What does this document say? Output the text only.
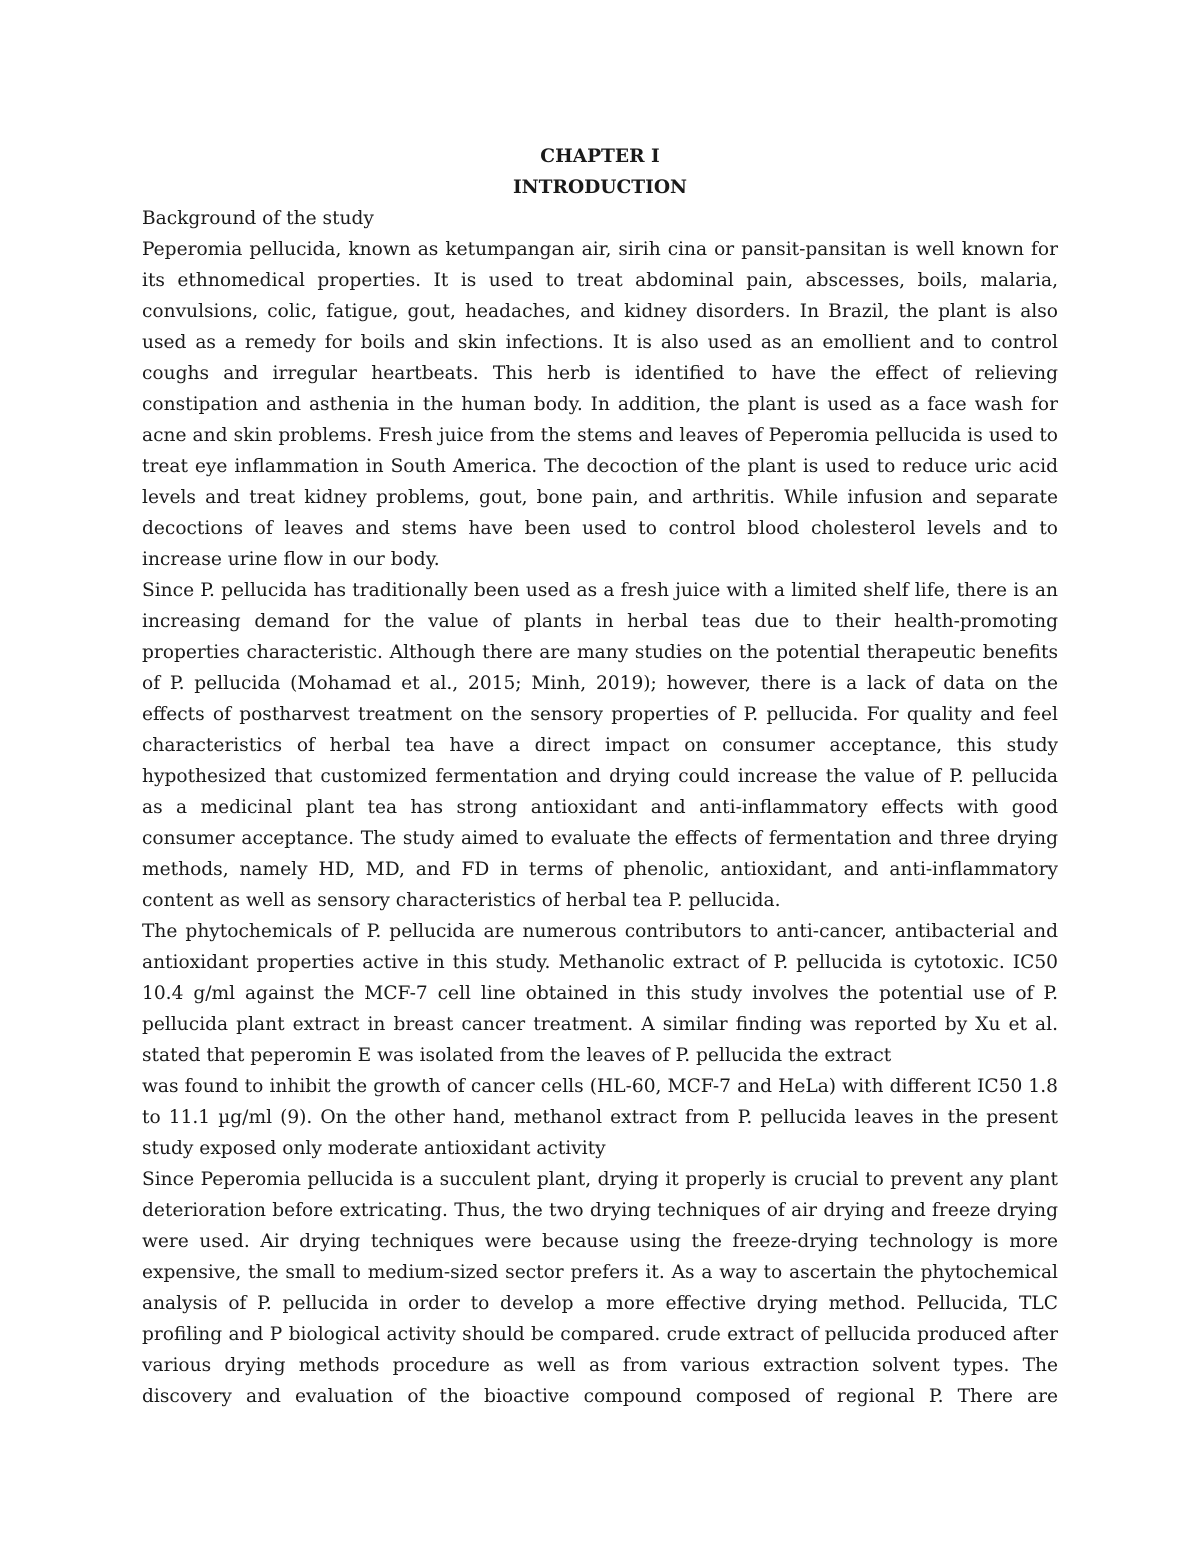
CHAPTER I

INTRODUCTION

Background of the study

Peperomia pellucida, known as ketumpangan air, sirih cina or pansit-pansitan is well known for its ethnomedical properties. It is used to treat abdominal pain, abscesses, boils, malaria, convulsions, colic, fatigue, gout, headaches, and kidney disorders. In Brazil, the plant is also used as a remedy for boils and skin infections. It is also used as an emollient and to control coughs and irregular heartbeats. This herb is identified to have the effect of relieving constipation and asthenia in the human body. In addition, the plant is used as a face wash for acne and skin problems. Fresh juice from the stems and leaves of Peperomia pellucida is used to treat eye inflammation in South America. The decoction of the plant is used to reduce uric acid levels and treat kidney problems, gout, bone pain, and arthritis. While infusion and separate decoctions of leaves and stems have been used to control blood cholesterol levels and to increase urine flow in our body.

Since P. pellucida has traditionally been used as a fresh juice with a limited shelf life, there is an increasing demand for the value of plants in herbal teas due to their health-promoting properties characteristic. Although there are many studies on the potential therapeutic benefits of P. pellucida (Mohamad et al., 2015; Minh, 2019); however, there is a lack of data on the effects of postharvest treatment on the sensory properties of P. pellucida. For quality and feel characteristics of herbal tea have a direct impact on consumer acceptance, this study hypothesized that customized fermentation and drying could increase the value of P. pellucida as a medicinal plant tea has strong antioxidant and anti-inflammatory effects with good consumer acceptance. The study aimed to evaluate the effects of fermentation and three drying methods, namely HD, MD, and FD in terms of phenolic, antioxidant, and anti-inflammatory content as well as sensory characteristics of herbal tea P. pellucida.

The phytochemicals of P. pellucida are numerous contributors to anti-cancer, antibacterial and antioxidant properties active in this study. Methanolic extract of P. pellucida is cytotoxic. IC50 10.4 g/ml against the MCF-7 cell line obtained in this study involves the potential use of P. pellucida plant extract in breast cancer treatment. A similar finding was reported by Xu et al. stated that peperomin E was isolated from the leaves of P. pellucida the extract

was found to inhibit the growth of cancer cells (HL-60, MCF-7 and HeLa) with different IC50 1.8 to 11.1 µg/ml (9). On the other hand, methanol extract from P. pellucida leaves in the present study exposed only moderate antioxidant activity

Since Peperomia pellucida is a succulent plant, drying it properly is crucial to prevent any plant deterioration before extricating. Thus, the two drying techniques of air drying and freeze drying were used. Air drying techniques were because using the freeze-drying technology is more expensive, the small to medium-sized sector prefers it. As a way to ascertain the phytochemical analysis of P. pellucida in order to develop a more effective drying method. Pellucida, TLC profiling and P biological activity should be compared. crude extract of pellucida produced after various drying methods procedure as well as from various extraction solvent types. The discovery and evaluation of the bioactive compound composed of regional P. There are
